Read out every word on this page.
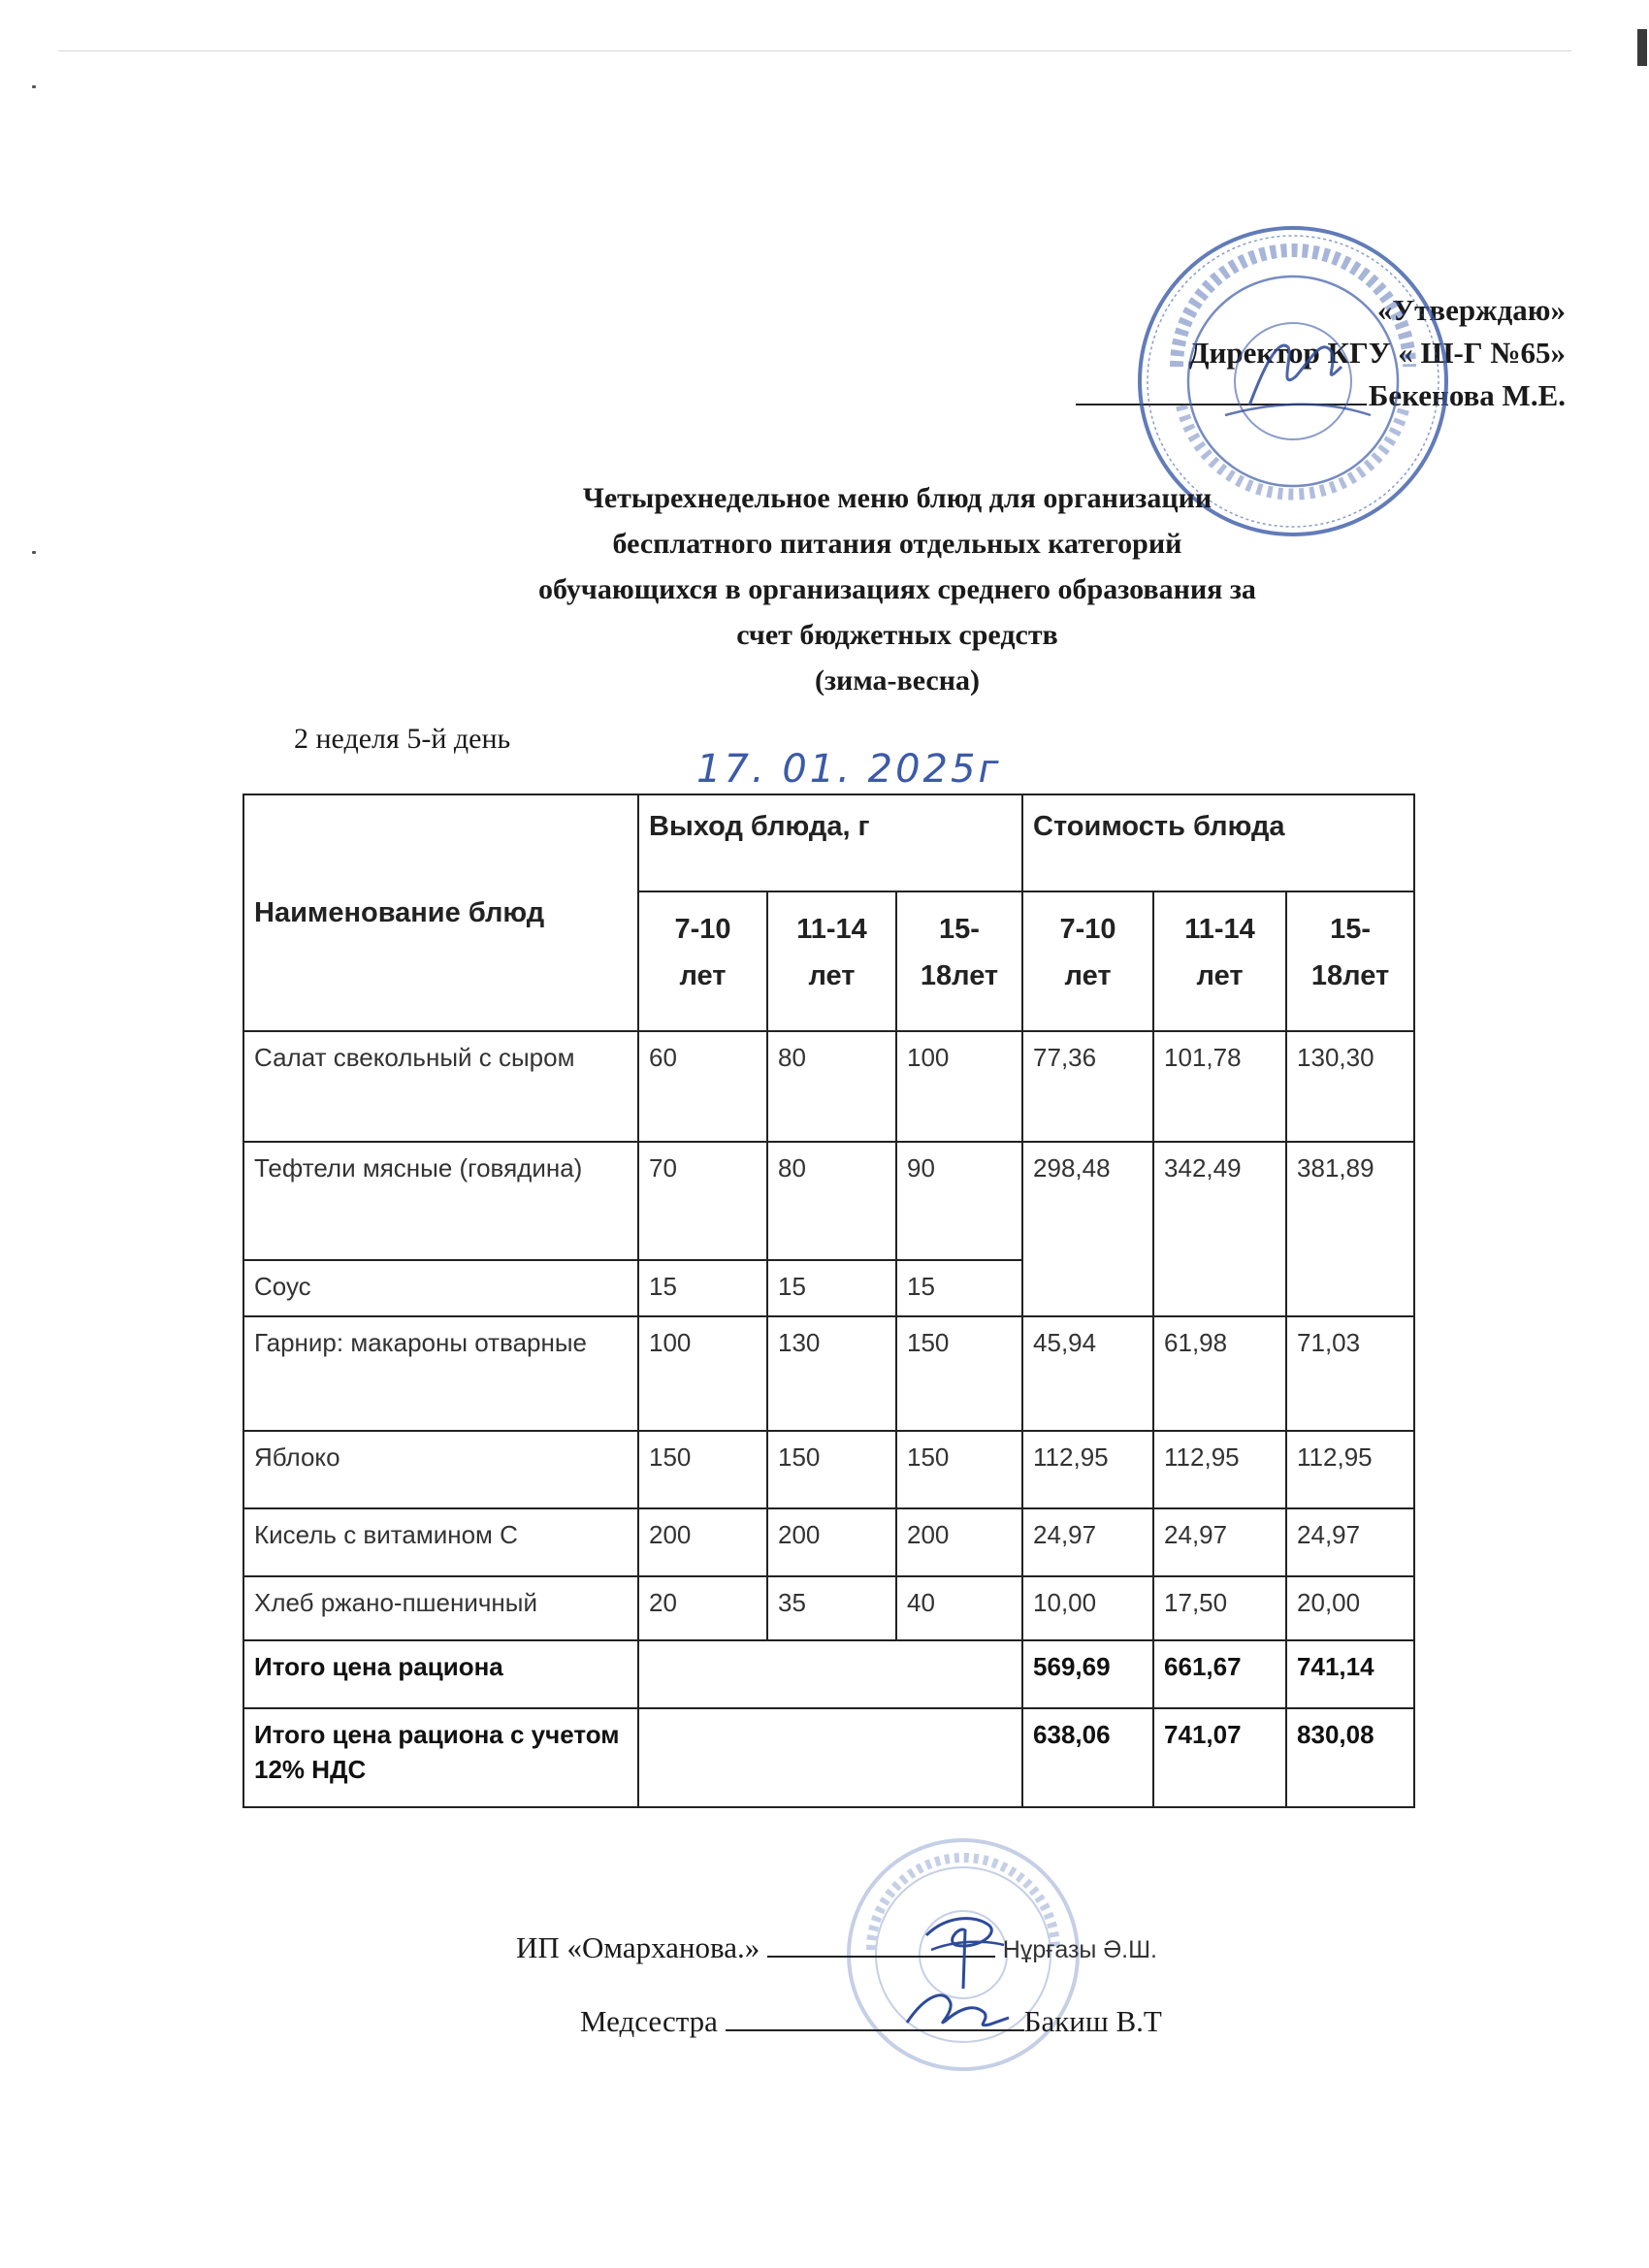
«Утверждаю»
Директор КГУ « Ш-Г №65»
Бекенова М.Е.
Четырехнедельное меню блюд для организации
бесплатного питания отдельных категорий
обучающихся в организациях среднего образования за
счет бюджетных средств
(зима-весна)
2 неделя 5-й день
17. 01. 2025г
Наименование блюд	Выход блюда, г			Стоимость блюда		
	7-10 лет	11-14 лет	15-18лет	7-10 лет	11-14 лет	15-18лет
Салат свекольный с сыром	60	80	100	77,36	101,78	130,30
Тефтели мясные (говядина)	70	80	90	298,48	342,49	381,89
Соус	15	15	15			
Гарнир: макароны отварные	100	130	150	45,94	61,98	71,03
Яблоко	150	150	150	112,95	112,95	112,95
Кисель с витамином С	200	200	200	24,97	24,97	24,97
Хлеб ржано-пшеничный	20	35	40	10,00	17,50	20,00
Итого цена рациона				569,69	661,67	741,14
Итого цена рациона с учетом 12% НДС				638,06	741,07	830,08
ИП «Омарханова.»	Нұрғазы Ә.Ш.
Медсестра	Бакиш В.Т
